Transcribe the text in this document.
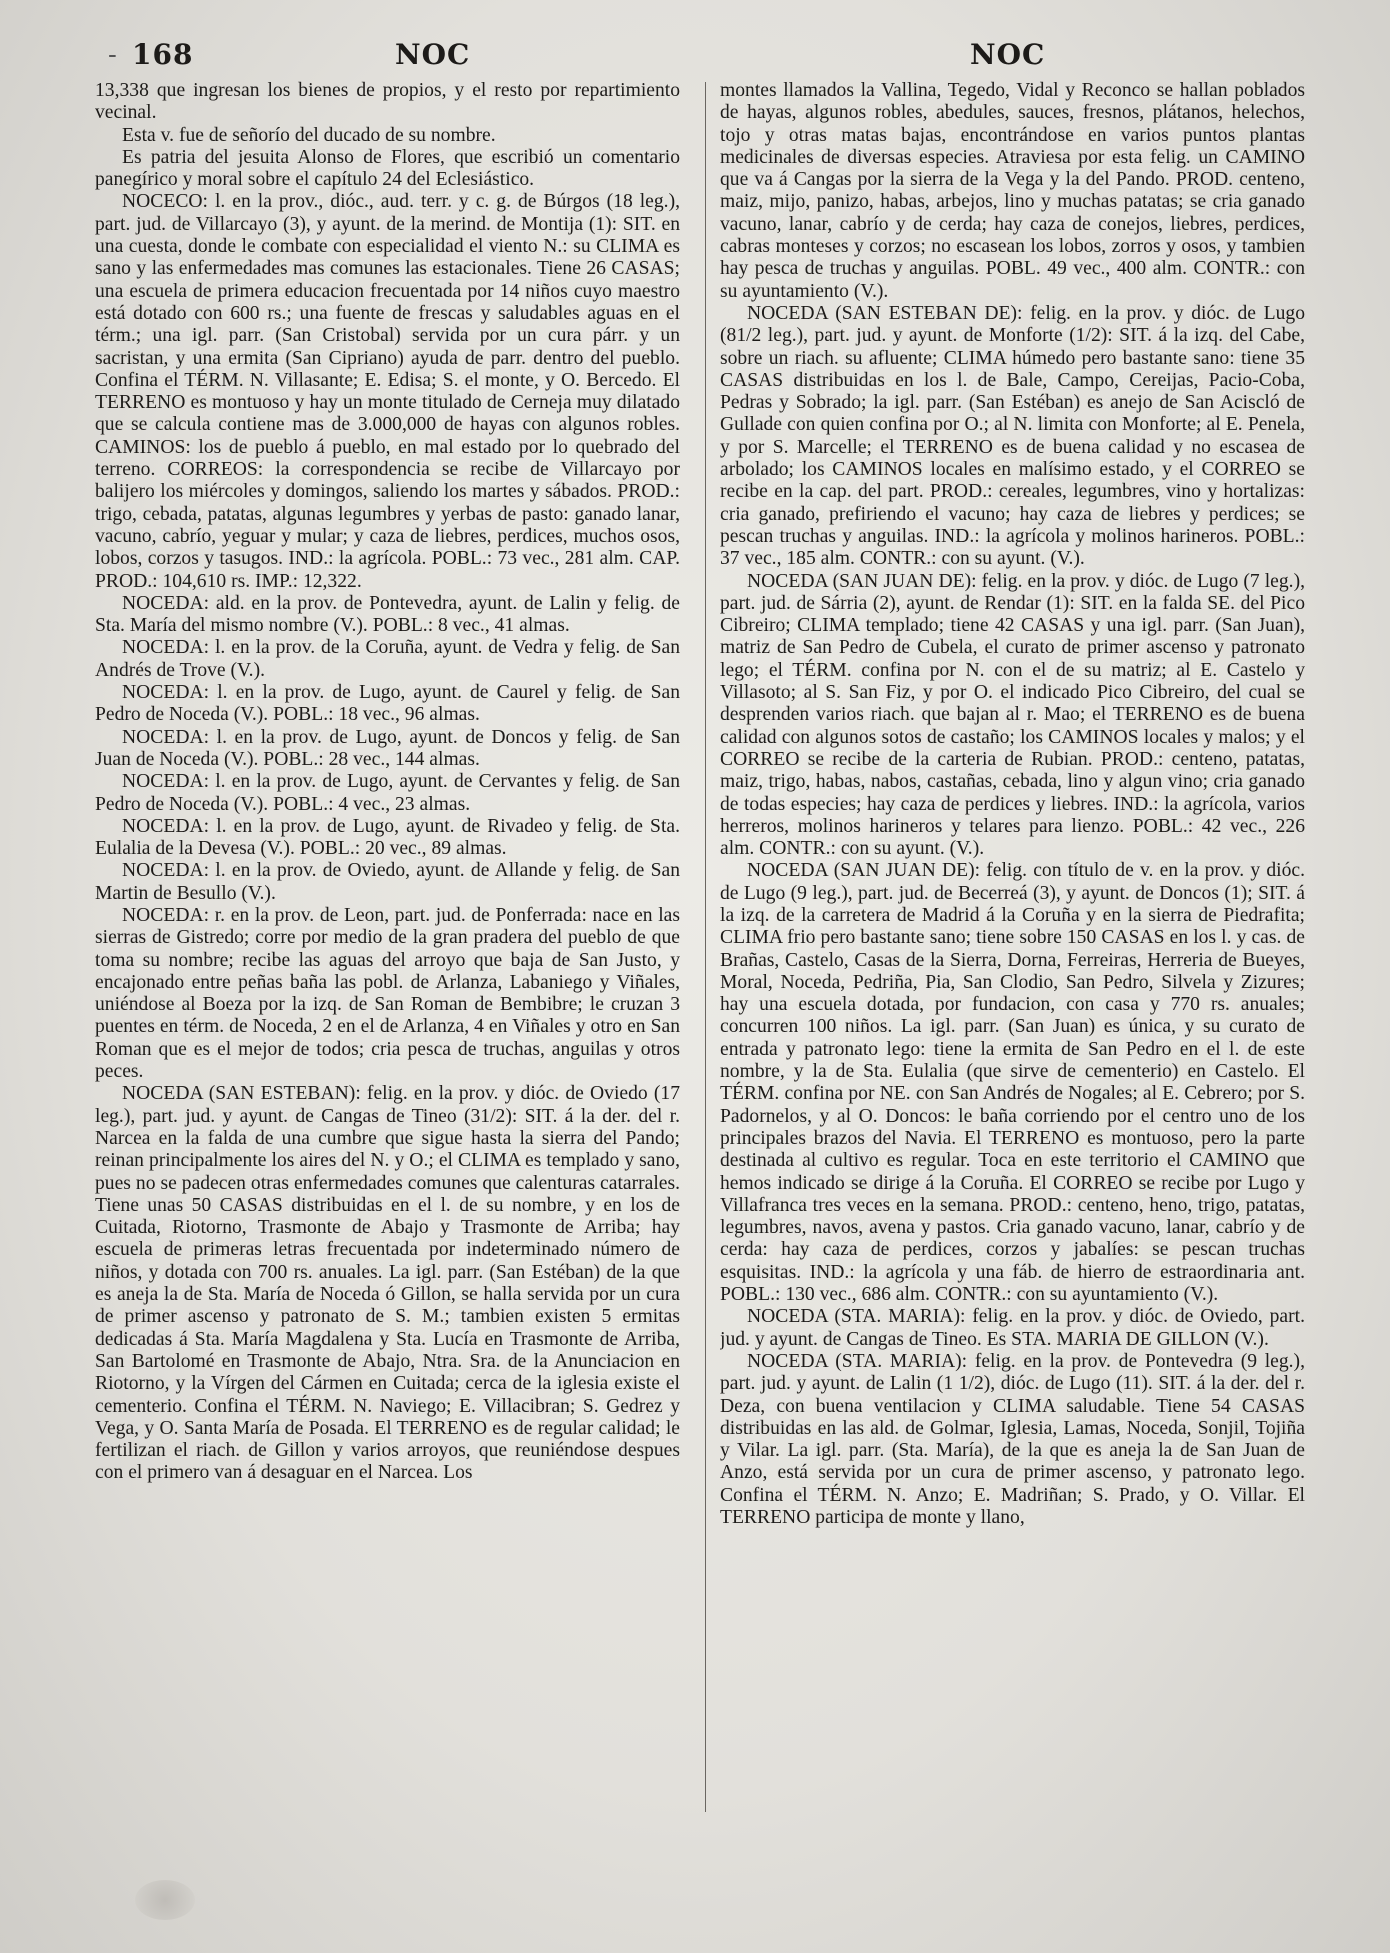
- 168	NOC	NOC

13,338 que ingresan los bienes de propios, y el resto por repartimiento vecinal.

Esta v. fue de señorío del ducado de su nombre.

Es patria del jesuita Alonso de Flores, que escribió un comentario panegírico y moral sobre el capítulo 24 del Eclesiástico.

NOCECO: l. en la prov., dióc., aud. terr. y c. g. de Búrgos (18 leg.), part. jud. de Villarcayo (3), y ayunt. de la merind. de Montija (1): SIT. en una cuesta, donde le combate con especialidad el viento N.: su CLIMA es sano y las enfermedades mas comunes las estacionales. Tiene 26 CASAS; una escuela de primera educacion frecuentada por 14 niños cuyo maestro está dotado con 600 rs.; una fuente de frescas y saludables aguas en el térm.; una igl. parr. (San Cristobal) servida por un cura párr. y un sacristan, y una ermita (San Cipriano) ayuda de parr. dentro del pueblo. Confina el TÉRM. N. Villasante; E. Edisa; S. el monte, y O. Bercedo. El TERRENO es montuoso y hay un monte titulado de Cerneja muy dilatado que se calcula contiene mas de 3.000,000 de hayas con algunos robles. CAMINOS: los de pueblo á pueblo, en mal estado por lo quebrado del terreno. CORREOS: la correspondencia se recibe de Villarcayo por balijero los miércoles y domingos, saliendo los martes y sábados. PROD.: trigo, cebada, patatas, algunas legumbres y yerbas de pasto: ganado lanar, vacuno, cabrío, yeguar y mular; y caza de liebres, perdices, muchos osos, lobos, corzos y tasugos. IND.: la agrícola. POBL.: 73 vec., 281 alm. CAP. PROD.: 104,610 rs. IMP.: 12,322.

NOCEDA: ald. en la prov. de Pontevedra, ayunt. de Lalin y felig. de Sta. María del mismo nombre (V.). POBL.: 8 vec., 41 almas.

NOCEDA: l. en la prov. de la Coruña, ayunt. de Vedra y felig. de San Andrés de Trove (V.).

NOCEDA: l. en la prov. de Lugo, ayunt. de Caurel y felig. de San Pedro de Noceda (V.). POBL.: 18 vec., 96 almas.

NOCEDA: l. en la prov. de Lugo, ayunt. de Doncos y felig. de San Juan de Noceda (V.). POBL.: 28 vec., 144 almas.

NOCEDA: l. en la prov. de Lugo, ayunt. de Cervantes y felig. de San Pedro de Noceda (V.). POBL.: 4 vec., 23 almas.

NOCEDA: l. en la prov. de Lugo, ayunt. de Rivadeo y felig. de Sta. Eulalia de la Devesa (V.). POBL.: 20 vec., 89 almas.

NOCEDA: l. en la prov. de Oviedo, ayunt. de Allande y felig. de San Martin de Besullo (V.).

NOCEDA: r. en la prov. de Leon, part. jud. de Ponferrada: nace en las sierras de Gistredo; corre por medio de la gran pradera del pueblo de que toma su nombre; recibe las aguas del arroyo que baja de San Justo, y encajonado entre peñas baña las pobl. de Arlanza, Labaniego y Viñales, uniéndose al Boeza por la izq. de San Roman de Bembibre; le cruzan 3 puentes en térm. de Noceda, 2 en el de Arlanza, 4 en Viñales y otro en San Roman que es el mejor de todos; cria pesca de truchas, anguilas y otros peces.

NOCEDA (SAN ESTEBAN): felig. en la prov. y dióc. de Oviedo (17 leg.), part. jud. y ayunt. de Cangas de Tineo (31/2): SIT. á la der. del r. Narcea en la falda de una cumbre que sigue hasta la sierra del Pando; reinan principalmente los aires del N. y O.; el CLIMA es templado y sano, pues no se padecen otras enfermedades comunes que calenturas catarrales. Tiene unas 50 CASAS distribuidas en el l. de su nombre, y en los de Cuitada, Riotorno, Trasmonte de Abajo y Trasmonte de Arriba; hay escuela de primeras letras frecuentada por indeterminado número de niños, y dotada con 700 rs. anuales. La igl. parr. (San Estéban) de la que es aneja la de Sta. María de Noceda ó Gillon, se halla servida por un cura de primer ascenso y patronato de S. M.; tambien existen 5 ermitas dedicadas á Sta. María Magdalena y Sta. Lucía en Trasmonte de Arriba, San Bartolomé en Trasmonte de Abajo, Ntra. Sra. de la Anunciacion en Riotorno, y la Vírgen del Cármen en Cuitada; cerca de la iglesia existe el cementerio. Confina el TÉRM. N. Naviego; E. Villacibran; S. Gedrez y Vega, y O. Santa María de Posada. El TERRENO es de regular calidad; le fertilizan el riach. de Gillon y varios arroyos, que reuniéndose despues con el primero van á desaguar en el Narcea. Los

montes llamados la Vallina, Tegedo, Vidal y Reconco se hallan poblados de hayas, algunos robles, abedules, sauces, fresnos, plátanos, helechos, tojo y otras matas bajas, encontrándose en varios puntos plantas medicinales de diversas especies. Atraviesa por esta felig. un CAMINO que va á Cangas por la sierra de la Vega y la del Pando. PROD. centeno, maiz, mijo, panizo, habas, arbejos, lino y muchas patatas; se cria ganado vacuno, lanar, cabrío y de cerda; hay caza de conejos, liebres, perdices, cabras monteses y corzos; no escasean los lobos, zorros y osos, y tambien hay pesca de truchas y anguilas. POBL. 49 vec., 400 alm. CONTR.: con su ayuntamiento (V.).

NOCEDA (SAN ESTEBAN DE): felig. en la prov. y dióc. de Lugo (81/2 leg.), part. jud. y ayunt. de Monforte (1/2): SIT. á la izq. del Cabe, sobre un riach. su afluente; CLIMA húmedo pero bastante sano: tiene 35 CASAS distribuidas en los l. de Bale, Campo, Cereijas, Pacio-Coba, Pedras y Sobrado; la igl. parr. (San Estéban) es anejo de San Aciscló de Gullade con quien confina por O.; al N. limita con Monforte; al E. Penela, y por S. Marcelle; el TERRENO es de buena calidad y no escasea de arbolado; los CAMINOS locales en malísimo estado, y el CORREO se recibe en la cap. del part. PROD.: cereales, legumbres, vino y hortalizas: cria ganado, prefiriendo el vacuno; hay caza de liebres y perdices; se pescan truchas y anguilas. IND.: la agrícola y molinos harineros. POBL.: 37 vec., 185 alm. CONTR.: con su ayunt. (V.).

NOCEDA (SAN JUAN DE): felig. en la prov. y dióc. de Lugo (7 leg.), part. jud. de Sárria (2), ayunt. de Rendar (1): SIT. en la falda SE. del Pico Cibreiro; CLIMA templado; tiene 42 CASAS y una igl. parr. (San Juan), matriz de San Pedro de Cubela, el curato de primer ascenso y patronato lego; el TÉRM. confina por N. con el de su matriz; al E. Castelo y Villasoto; al S. San Fiz, y por O. el indicado Pico Cibreiro, del cual se desprenden varios riach. que bajan al r. Mao; el TERRENO es de buena calidad con algunos sotos de castaño; los CAMINOS locales y malos; y el CORREO se recibe de la carteria de Rubian. PROD.: centeno, patatas, maiz, trigo, habas, nabos, castañas, cebada, lino y algun vino; cria ganado de todas especies; hay caza de perdices y liebres. IND.: la agrícola, varios herreros, molinos harineros y telares para lienzo. POBL.: 42 vec., 226 alm. CONTR.: con su ayunt. (V.).

NOCEDA (SAN JUAN DE): felig. con título de v. en la prov. y dióc. de Lugo (9 leg.), part. jud. de Becerreá (3), y ayunt. de Doncos (1); SIT. á la izq. de la carretera de Madrid á la Coruña y en la sierra de Piedrafita; CLIMA frio pero bastante sano; tiene sobre 150 CASAS en los l. y cas. de Brañas, Castelo, Casas de la Sierra, Dorna, Ferreiras, Herreria de Bueyes, Moral, Noceda, Pedriña, Pia, San Clodio, San Pedro, Silvela y Zizures; hay una escuela dotada, por fundacion, con casa y 770 rs. anuales; concurren 100 niños. La igl. parr. (San Juan) es única, y su curato de entrada y patronato lego: tiene la ermita de San Pedro en el l. de este nombre, y la de Sta. Eulalia (que sirve de cementerio) en Castelo. El TÉRM. confina por NE. con San Andrés de Nogales; al E. Cebrero; por S. Padornelos, y al O. Doncos: le baña corriendo por el centro uno de los principales brazos del Navia. El TERRENO es montuoso, pero la parte destinada al cultivo es regular. Toca en este territorio el CAMINO que hemos indicado se dirige á la Coruña. El CORREO se recibe por Lugo y Villafranca tres veces en la semana. PROD.: centeno, heno, trigo, patatas, legumbres, navos, avena y pastos. Cria ganado vacuno, lanar, cabrío y de cerda: hay caza de perdices, corzos y jabalíes: se pescan truchas esquisitas. IND.: la agrícola y una fáb. de hierro de estraordinaria ant. POBL.: 130 vec., 686 alm. CONTR.: con su ayuntamiento (V.).

NOCEDA (STA. MARIA): felig. en la prov. y dióc. de Oviedo, part. jud. y ayunt. de Cangas de Tineo. Es STA. MARIA DE GILLON (V.).

NOCEDA (STA. MARIA): felig. en la prov. de Pontevedra (9 leg.), part. jud. y ayunt. de Lalin (1 1/2), dióc. de Lugo (11). SIT. á la der. del r. Deza, con buena ventilacion y CLIMA saludable. Tiene 54 CASAS distribuidas en las ald. de Golmar, Iglesia, Lamas, Noceda, Sonjil, Tojiña y Vilar. La igl. parr. (Sta. María), de la que es aneja la de San Juan de Anzo, está servida por un cura de primer ascenso, y patronato lego. Confina el TÉRM. N. Anzo; E. Madriñan; S. Prado, y O. Villar. El TERRENO participa de monte y llano,
